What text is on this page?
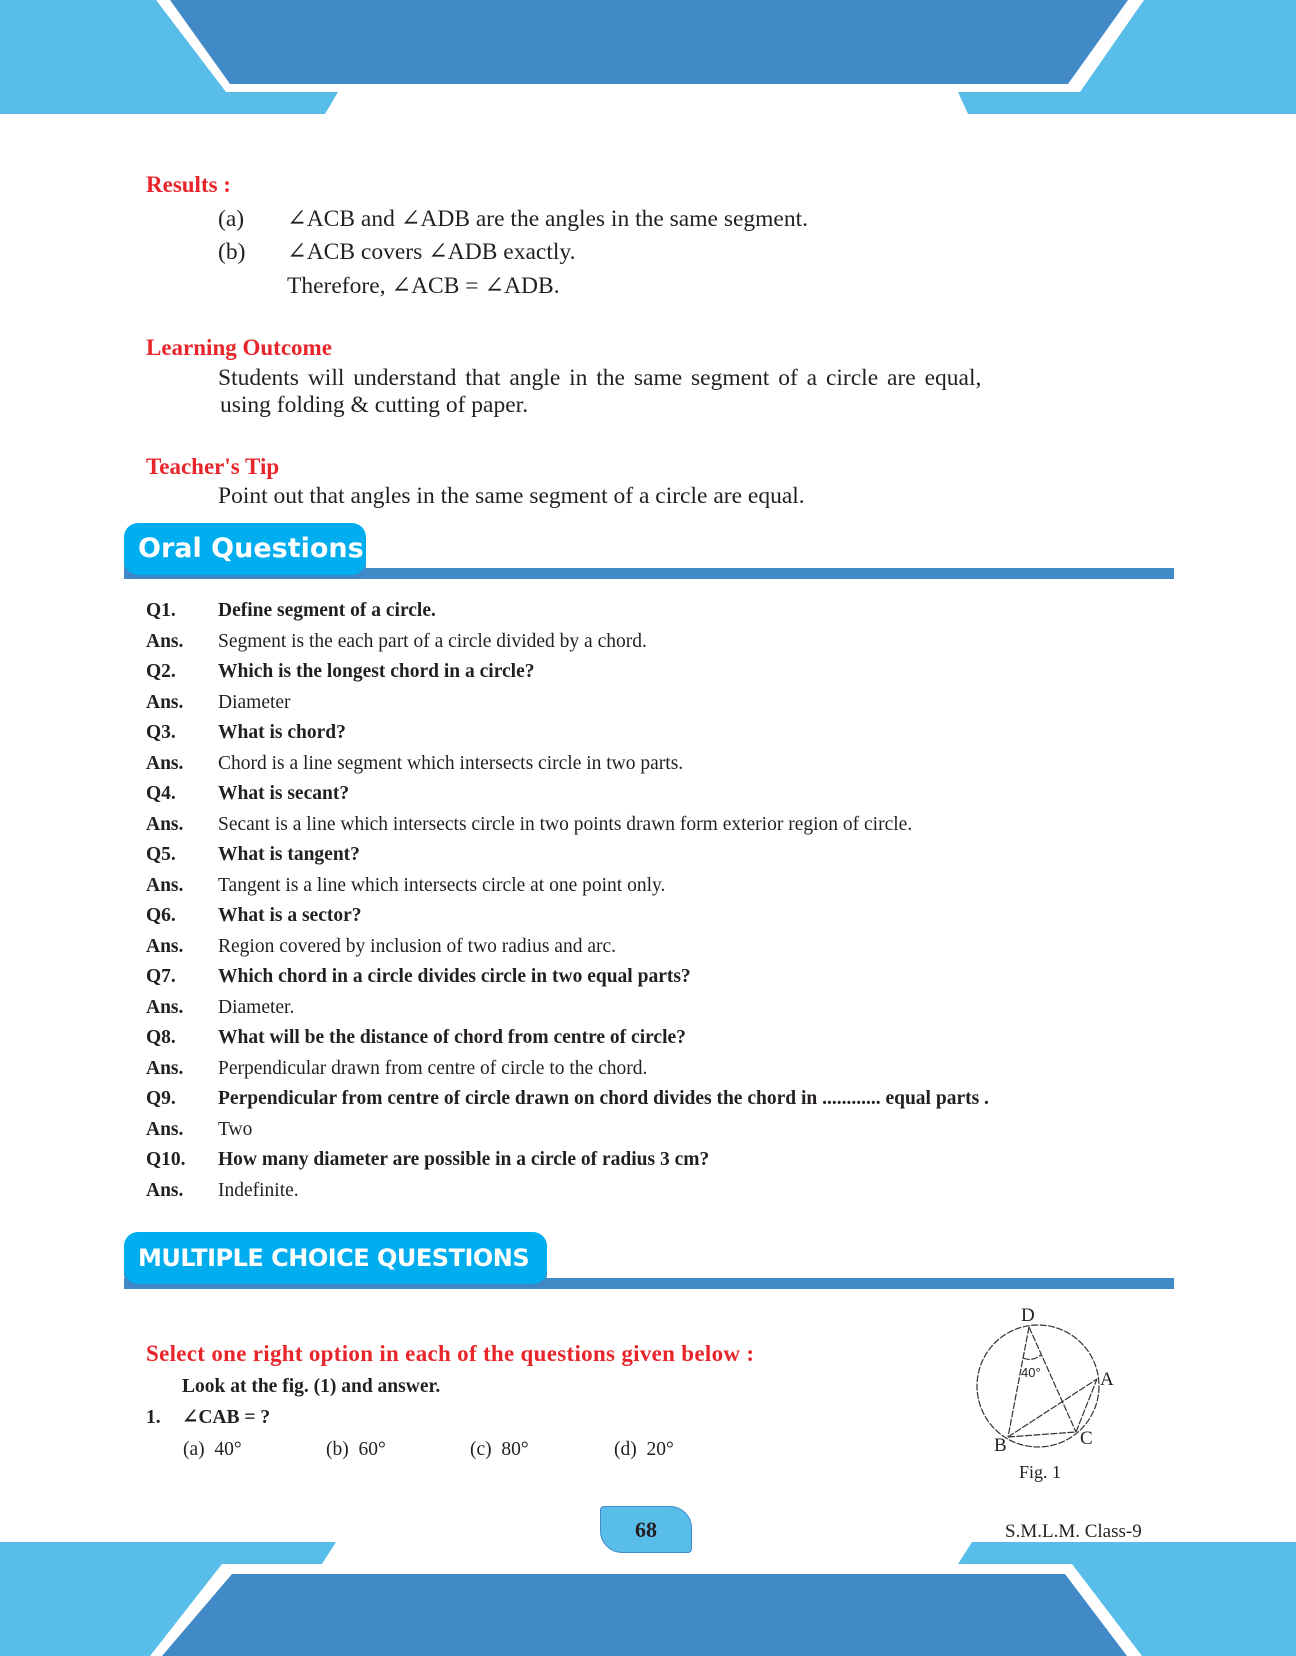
Results :
(a) ∠ACB and ∠ADB are the angles in the same segment.
(b) ∠ACB covers ∠ADB exactly.
Therefore, ∠ACB = ∠ADB.
Learning Outcome
Students will understand that angle in the same segment of a circle are equal,
using folding & cutting of paper.
Teacher's Tip
Point out that angles in the same segment of a circle are equal.
Oral Questions
Q1. Define segment of a circle.
Ans. Segment is the each part of a circle divided by a chord.
Q2. Which is the longest chord in a circle?
Ans. Diameter
Q3. What is chord?
Ans. Chord is a line segment which intersects circle in two parts.
Q4. What is secant?
Ans. Secant is a line which intersects circle in two points drawn form exterior region of circle.
Q5. What is tangent?
Ans. Tangent is a line which intersects circle at one point only.
Q6. What is a sector?
Ans. Region covered by inclusion of two radius and arc.
Q7. Which chord in a circle divides circle in two equal parts?
Ans. Diameter.
Q8. What will be the distance of chord from centre of circle?
Ans. Perpendicular drawn from centre of circle to the chord.
Q9. Perpendicular from centre of circle drawn on chord divides the chord in ............ equal parts .
Ans. Two
Q10. How many diameter are possible in a circle of radius 3 cm?
Ans. Indefinite.
MULTIPLE CHOICE QUESTIONS
Select one right option in each of the questions given below :
Look at the fig. (1) and answer.
1. ∠CAB = ?
(a) 40°	(b) 60°	(c) 80°	(d) 20°
D
A
B	C
40°
Fig. 1
68	S.M.L.M. Class-9
